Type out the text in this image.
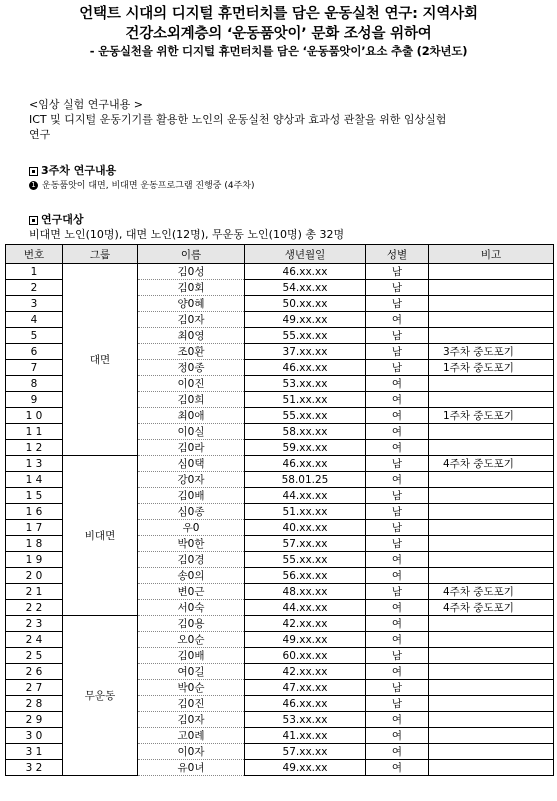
언택트 시대의 디지털 휴먼터치를 담은 운동실천 연구: 지역사회
건강소외계층의 ‘운동품앗이’ 문화 조성을 위하여
- 운동실천을 위한 디지털 휴먼터치를 담은 ‘운동품앗이’요소 추출 (2차년도)
<임상 실험 연구내용 >
ICT 및 디지털 운동기기를 활용한 노인의 운동실천 양상과 효과성 관찰을 위한 임상실험
연구
3주차 연구내용
1 운동품앗이 대면, 비대면 운동프로그램 진행중 (4주차)
연구대상
비대면 노인(10명), 대면 노인(12명), 무운동 노인(10명) 총 32명
번호	그룹	이름	생년월일	성별	비고
1	대면	김0성	46.xx.xx	남	
2		김0회	54.xx.xx	남	
3		양0혜	50.xx.xx	남	
4		김0자	49.xx.xx	여	
5		최0영	55.xx.xx	남	
6		조0환	37.xx.xx	남	3주차 중도포기
7		정0종	46.xx.xx	남	1주차 중도포기
8		이0진	53.xx.xx	여	
9		김0희	51.xx.xx	여	
1 0		최0애	55.xx.xx	여	1주차 중도포기
1 1		이0실	58.xx.xx	여	
1 2		김0라	59.xx.xx	여	
1 3	비대면	심0택	46.xx.xx	남	4주차 중도포기
1 4		강0자	58.01.25	여	
1 5		김0배	44.xx.xx	남	
1 6		심0종	51.xx.xx	남	
1 7		우0	40.xx.xx	남	
1 8		박0한	57.xx.xx	남	
1 9		김0경	55.xx.xx	여	
2 0		송0의	56.xx.xx	여	
2 1		변0근	48.xx.xx	남	4주차 중도포기
2 2		서0숙	44.xx.xx	여	4주차 중도포기
2 3	무운동	김0용	42.xx.xx	여	
2 4		오0순	49.xx.xx	여	
2 5		김0배	60.xx.xx	남	
2 6		여0길	42.xx.xx	여	
2 7		박0순	47.xx.xx	남	
2 8		김0진	46.xx.xx	남	
2 9		김0자	53.xx.xx	여	
3 0		고0례	41.xx.xx	여	
3 1		이0자	57.xx.xx	여	
3 2		유0녀	49.xx.xx	여	
